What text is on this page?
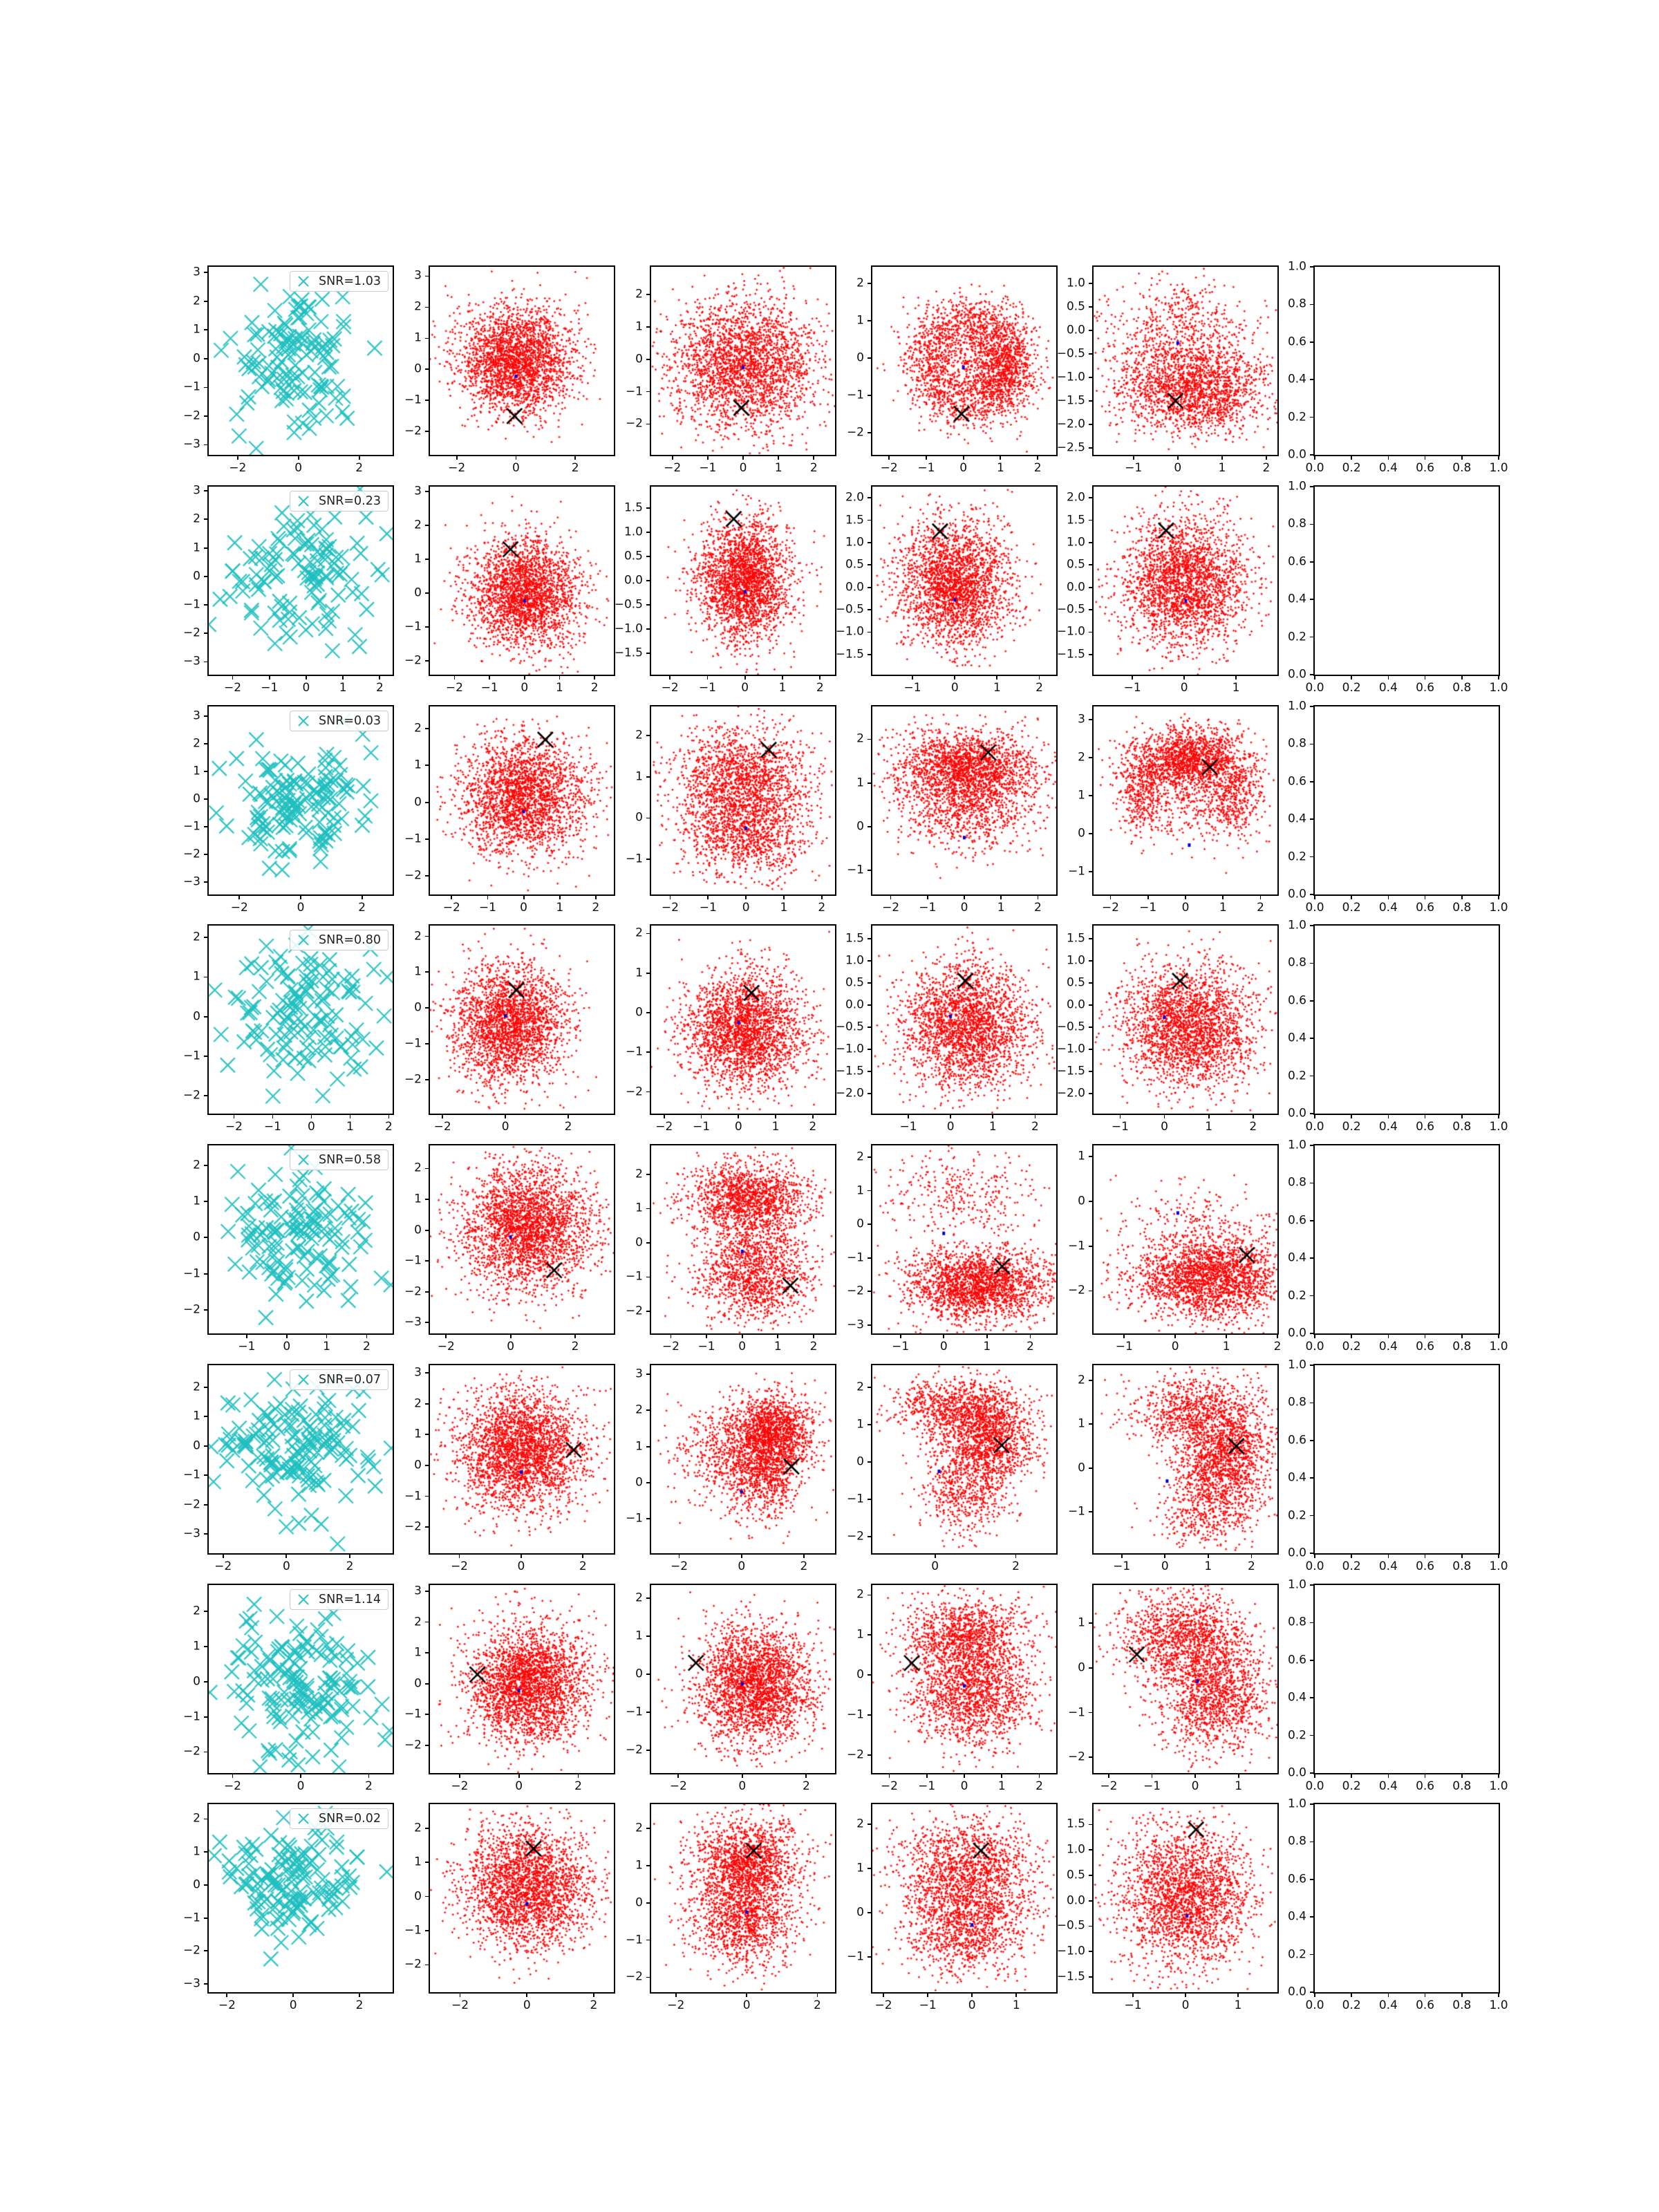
−2	0	2
3
2
1
0
−1
−2
−3
SNR=1.03
−2	0	2
3
2
1
0
−1
−2
−2 −1 0 1 2
2
1
0
−1
−2
−2 −1 0	1	2
2
1
0
−1
−2
−1	0	1	2
1.0
0.5
0.0
−0.5
−1.0
−1.5
−2.0
−2.5
0.0 0.2 0.4 0.6 0.8 1.0
1.0
0.8
0.6
0.4
0.2
0.0
−2 −1 0 1 2
3
2
1
0
−1
−2
−3
SNR=0.23
−2 −1 0 1 2
3
2
1
0
−1
−2
−2 −1 0	1	2
1.5
1.0
0.5
0.0
−0.5
−1.0
−1.5
−1	0	1	2
2.0
1.5
1.0
0.5
0.0
−0.5
−1.0
−1.5
−1	0	1
2.0
1.5
1.0
0.5
0.0
−0.5
−1.0
−1.5
0.0 0.2 0.4 0.6 0.8 1.0
1.0
0.8
0.6
0.4
0.2
0.0
−2	0	2
3
2
1
0
−1
−2
−3
SNR=0.03
−2 −1 0 1 2
2
1
0
−1
−2
−2 −1 0	1	2
2
1
0
−1
−2 −1 0 1 2
2
1
0
−1
−2 −1 0	1	2
3
2
1
0
−1
0.0 0.2 0.4 0.6 0.8 1.0
1.0
0.8
0.6
0.4
0.2
0.0
−2 −1 0	1	2
2
1
0
−1
−2
SNR=0.80
−2	0	2
2
1
0
−1
−2
−2 −1 0	1	2
2
1
0
−1
−2
−1	0	1	2
1.5
1.0
0.5
0.0
−0.5
−1.0
−1.5
−2.0
−1	0	1	2
1.5
1.0
0.5
0.0
−0.5
−1.0
−1.5
−2.0
0.0 0.2 0.4 0.6 0.8 1.0
1.0
0.8
0.6
0.4
0.2
0.0
−1 0	1	2
2
1
0
−1
−2
SNR=0.58
−2	0	2
2
1
0
−1
−2
−3
−2 −1 0 1 2
2
1
0
−1
−2
−1	0	1	2
2
1
0
−1
−2
−3
−1	0	1	2
1
0
−1
−2
0.0 0.2 0.4 0.6 0.8 1.0
1.0
0.8
0.6
0.4
0.2
0.0
−2	0	2
2
1
0
−1
−2
−3
SNR=0.07
−2	0	2
3
2
1
0
−1
−2
−2	0	2
3
2
1
0
−1
0	2
2
1
0
−1
−2
−1	0	1	2
2
1
0
−1
0.0 0.2 0.4 0.6 0.8 1.0
1.0
0.8
0.6
0.4
0.2
0.0
−2	0	2
2
1
0
−1
−2
SNR=1.14
−2	0	2
3
2
1
0
−1
−2
−2	0	2
2
1
0
−1
−2
−2 −1 0	1	2
2
1
0
−1
−2
−2 −1	0	1
1
0
−1
−2
0.0 0.2 0.4 0.6 0.8 1.0
1.0
0.8
0.6
0.4
0.2
0.0
−2	0	2
2
1
0
−1
−2
−3
SNR=0.02
−2	0	2
2
1
0
−1
−2
−2	0	2
2
1
0
−1
−2
−2 −1	0	1
2
1
0
−1
−1	0	1
1.5
1.0
0.5
0.0
−0.5
−1.0
−1.5
0.0 0.2 0.4 0.6 0.8 1.0
1.0
0.8
0.6
0.4
0.2
0.0
